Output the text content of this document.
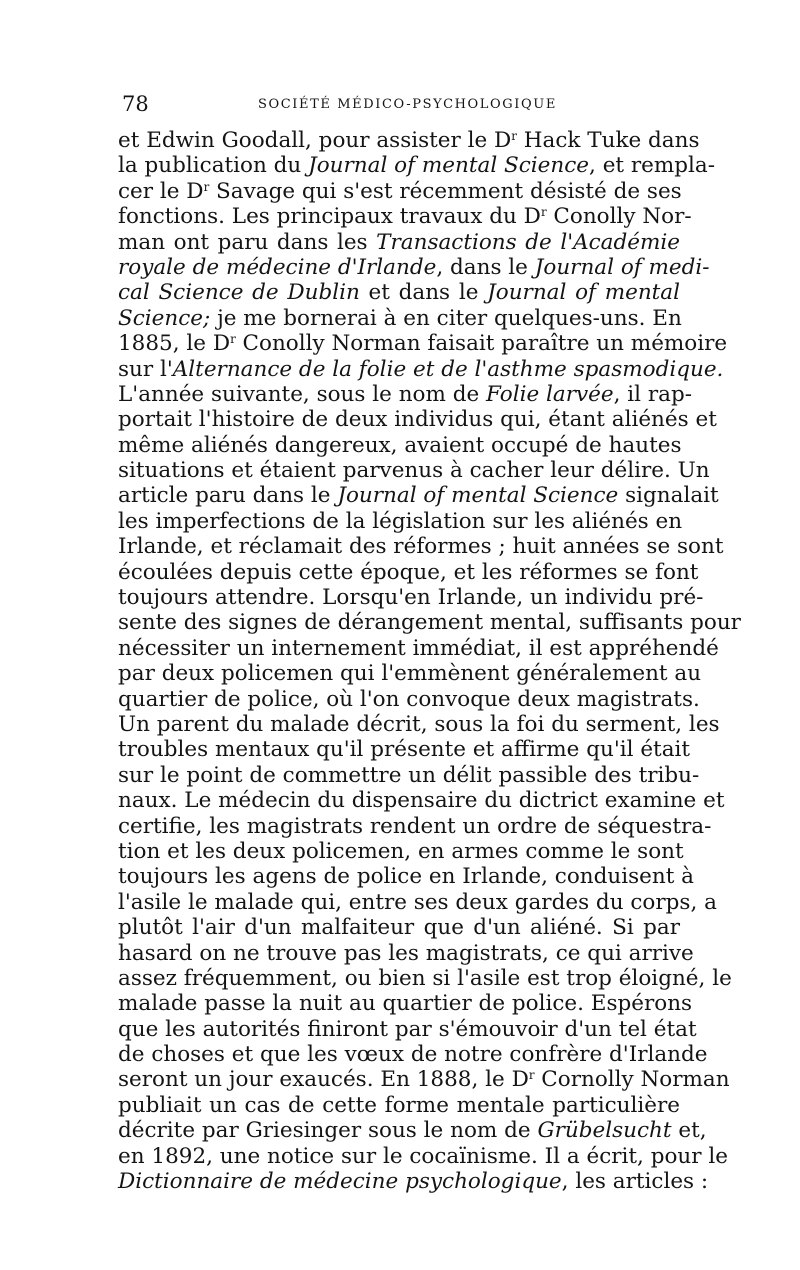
78	SOCIÉTÉ MÉDICO-PSYCHOLOGIQUE
et Edwin Goodall, pour assister le $D^r$ Hack Tuke dans
la publication du Journal of mental Science, et rempla-
cer le $D^r$ Savage qui s'est récemment désisté de ses
fonctions. Les principaux travaux du $D^r$ Conolly Nor-
man ont paru dans les Transactions de l'Académie
royale de médecine d'Irlande, dans le Journal of medi-
cal Science de Dublin et dans le Journal of mental
Science; je me bornerai à en citer quelques-uns. En
1885, le $D^r$ Conolly Norman faisait paraître un mémoire
sur l'Alternance de la folie et de l'asthme spasmodique.
L'année suivante, sous le nom de Folie larvée, il rap-
portait l'histoire de deux individus qui, étant aliénés et
même aliénés dangereux, avaient occupé de hautes
situations et étaient parvenus à cacher leur délire. Un
article paru dans le Journal of mental Science signalait
les imperfections de la législation sur les aliénés en
Irlande, et réclamait des réformes ; huit années se sont
écoulées depuis cette époque, et les réformes se font
toujours attendre. Lorsqu'en Irlande, un individu pré-
sente des signes de dérangement mental, suffisants pour
nécessiter un internement immédiat, il est appréhendé
par deux policemen qui l'emmènent généralement au
quartier de police, où l'on convoque deux magistrats.
Un parent du malade décrit, sous la foi du serment, les
troubles mentaux qu'il présente et affirme qu'il était
sur le point de commettre un délit passible des tribu-
naux. Le médecin du dispensaire du dictrict examine et
certifie, les magistrats rendent un ordre de séquestra-
tion et les deux policemen, en armes comme le sont
toujours les agens de police en Irlande, conduisent à
l'asile le malade qui, entre ses deux gardes du corps, a
plutôt l'air d'un malfaiteur que d'un aliéné. Si par
hasard on ne trouve pas les magistrats, ce qui arrive
assez fréquemment, ou bien si l'asile est trop éloigné, le
malade passe la nuit au quartier de police. Espérons
que les autorités finiront par s'émouvoir d'un tel état
de choses et que les vœux de notre confrère d'Irlande
seront un jour exaucés. En 1888, le $D^r$ Cornolly Norman
publiait un cas de cette forme mentale particulière
décrite par Griesinger sous le nom de Grübelsucht et,
en 1892, une notice sur le cocaïnisme. Il a écrit, pour le
Dictionnaire de médecine psychologique, les articles :
